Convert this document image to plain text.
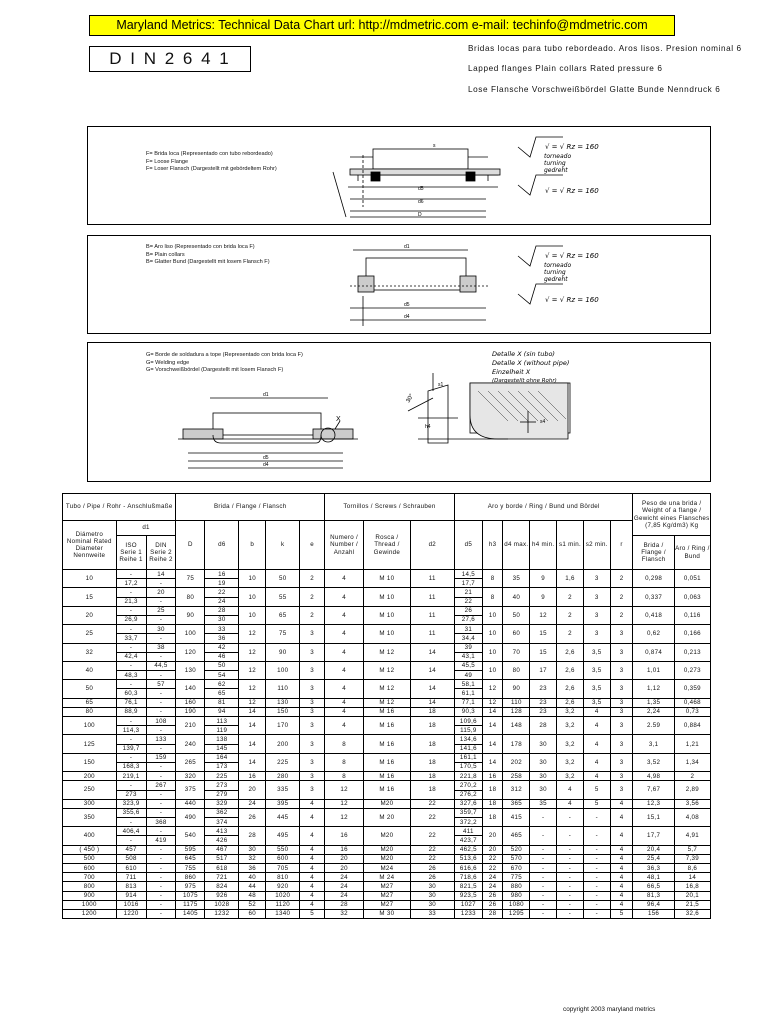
Maryland Metrics: Technical Data Chart url: http://mdmetric.com e-mail: techinfo@mdmetric.com
D I N 2 6 4 1

Bridas locas para tubo rebordeado. Aros lisos. Presion nominal 6

Lapped flanges Plain collars Rated pressure 6

Lose Flansche Vorschweißbördel Glatte Bunde Nenndruck 6

F= Brida loca (Representado con tubo rebordeado)
F= Loose Flange
F= Loser Flansch (Dargestellt mit gebördeltem Rohr)
d5
d6
D
s	√ = √ Rz = 160
torneado
turning
gedreht
√ = √ Rz = 160
B= Aro liso (Representado con brida loca F)
B= Plain collars
B= Glatter Bund (Dargestellt mit losem Flansch F)
d1
d5
d4
√ = √ Rz = 160
torneado
turning
gedreht
√ = √ Rz = 160
G= Borde de soldadura a tope (Representado con brida loca F)
G= Welding edge
G= Vorschweißbördel (Dargestellt mit losem Flansch F)
d1
d5
d4
X
30°
s1
h4
s4
Detalle X (sin tubo)
Detalle X (without pipe)
Einzelheit X
(Dargestellt ohne Rohr)
Tubo / Pipe / Rohr - Anschlußmaße			Brida / Flange / Flansch					Tornillos / Screws / Schrauben			Aro y borde / Ring / Bund und Bördel							Peso de una brida / Weight of a flange / Gewicht eines Flansches (7,85 Kg/dm3) Kg	
Diámetro Nominal Rated Diameter Nennweite	d1		D	d6	b	k	e	Numero / Number / Anzahl	Rosca / Thread / Gewinde	d2	d5	h3	d4 max.	h4 min.	s1 min.	s2 min.	r		
	ISO Serie 1 Reihe 1	DIN Serie 2 Reihe 2																Brida / Flange / Flansch	Aro / Ring / Bund

10	-	14	75	16	10	50	2	4	M 10	11	14,5	8	35	9	1,6	3	2	0,298	0,051
	17,2	-		19							17,7								
15	-	20	80	22	10	55	2	4	M 10	11	21	8	40	9	2	3	2	0,337	0,063
	21,3	-		24							22								
20	-	25	90	28	10	65	2	4	M 10	11	26	10	50	12	2	3	2	0,418	0,116
	26,9	-		30							27,6								
25	-	30	100	33	12	75	3	4	M 10	11	31	10	60	15	2	3	3	0,62	0,166
	33,7	-		36							34,4								
32	-	38	120	42	12	90	3	4	M 12	14	39	10	70	15	2,6	3,5	3	0,874	0,213
	42,4	-		46							43,1								
40	-	44,5	130	50	12	100	3	4	M 12	14	45,5	10	80	17	2,6	3,5	3	1,01	0,273
	48,3	-		54							49								
50	-	57	140	62	12	110	3	4	M 12	14	58,1	12	90	23	2,6	3,5	3	1,12	0,359
	60,3	-		65							61,1								
65	76,1	-	160	81	12	130	3	4	M 12	14	77,1	12	110	23	2,6	3,5	3	1,35	0,468
80	88,9	-	190	94	14	150	3	4	M 16	18	90,3	14	128	23	3,2	4	3	2,24	0,73
100	-	108	210	113	14	170	3	4	M 16	18	109,6	14	148	28	3,2	4	3	2.59	0,884
	114,3	-		119							115,9								
125	-	133	240	138	14	200	3	8	M 16	18	134,6	14	178	30	3,2	4	3	3,1	1,21
	139,7	-		145							141,6								
150	-	159	265	164	14	225	3	8	M 16	18	161,1	14	202	30	3,2	4	3	3,52	1,34
	168,3	-		173							170,5								
200	219,1	-	320	225	16	280	3	8	M 16	18	221,8	16	258	30	3,2	4	3	4,98	2
250	-	267	375	273	20	335	3	12	M 16	18	270,2	18	312	30	4	5	3	7,67	2,89
	273	-		279							276,2								
300	323,9	-	440	329	24	395	4	12	M20	22	327,6	18	365	35	4	5	4	12,3	3,56
350	355,6	-	490	362	26	445	4	12	M 20	22	359,7	18	415	-	-	-	4	15,1	4,08
	-	368		374							372,2								
400	406,4	-	540	413	28	495	4	16	M20	22	411	20	465	-	-	-	4	17,7	4,91
	-	419		426							423,7								
( 450 )	457	-	595	467	30	550	4	16	M20	22	462,5	20	520	-	-	-	4	20,4	5,7
500	508	-	645	517	32	600	4	20	M20	22	513,6	22	570	-	-	-	4	25,4	7,39
600	610	-	755	618	36	705	4	20	M24	26	616,6	22	670	-	-	-	4	36,3	8,6
700	711	-	860	721	40	810	4	24	M 24	26	718,6	24	775	-	-	-	4	48,1	14
800	813	-	975	824	44	920	4	24	M27	30	821,5	24	880	-	-	-	4	66,5	16,8
900	914	-	1075	926	48	1020	4	24	M27	30	923,5	26	980	-	-	-	4	81,3	20,1
1000	1016	-	1175	1028	52	1120	4	28	M27	30	1027	26	1080	-	-	-	4	96,4	21,5
1200	1220	-	1405	1232	60	1340	5	32	M 30	33	1233	28	1295	-	-	-	5	156	32,6
copyright 2003 maryland metrics
